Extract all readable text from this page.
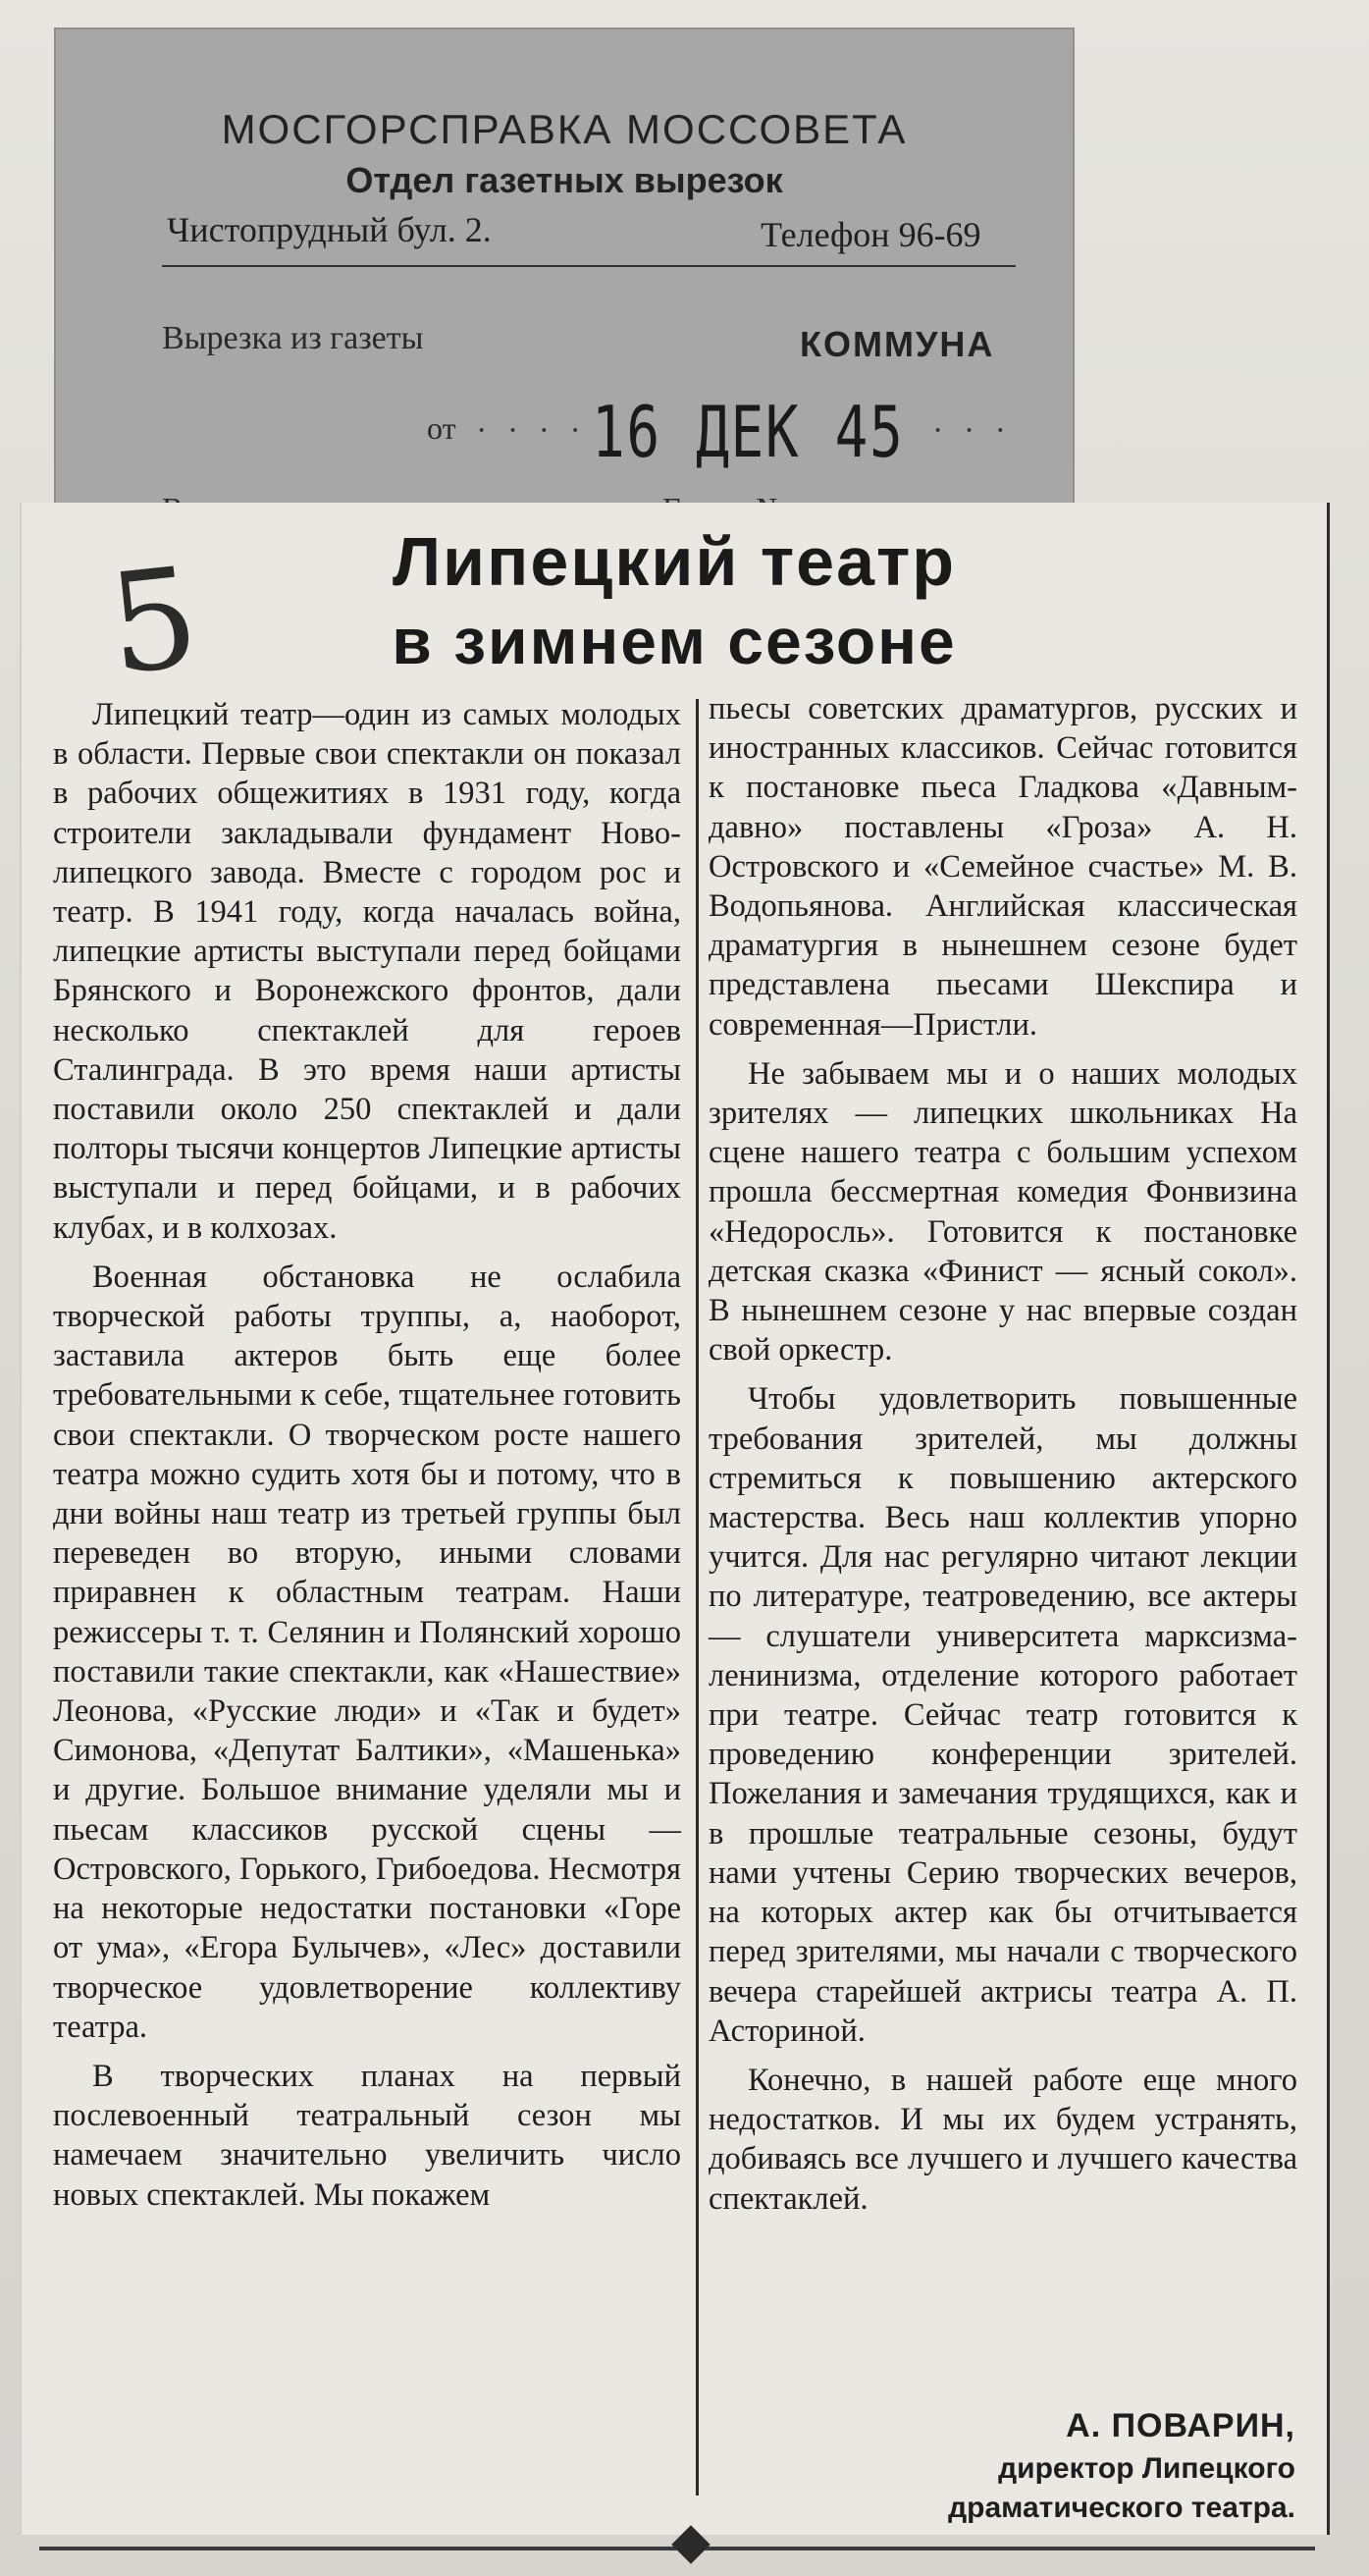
МОСГОРСПРАВКА МОССОВЕТА
Отдел газетных вырезок
Чистопрудный бул. 2.	Телефон 96-69
Вырезка из газеты	КОММУНА
от · · · · 16 ДЕК 45 · · ·
5	Липецкий театр
в зимнем сезоне

Липецкий театр—один из самых молодых в области. Первые свои спектакли он показал в рабочих общежитиях в 1931 году, когда строители закладывали фундамент Ново-липецкого завода. Вместе с городом рос и театр. В 1941 году, когда началась война, липецкие артисты выступали перед бойцами Брянского и Воронежского фронтов, дали несколько спектаклей для героев Сталинграда. В это время наши артисты поставили около 250 спектаклей и дали полторы тысячи концертов Липецкие артисты выступали и перед бойцами, и в рабочих клубах, и в колхозах.

Военная обстановка не ослабила творческой работы труппы, а, наоборот, заставила актеров быть еще более требовательными к себе, тщательнее готовить свои спектакли. О творческом росте нашего театра можно судить хотя бы и потому, что в дни войны наш театр из третьей группы был переведен во вторую, иными словами приравнен к областным театрам. Наши режиссеры т. т. Селянин и Полянский хорошо поставили такие спектакли, как «Нашествие» Леонова, «Русские люди» и «Так и будет» Симонова, «Депутат Балтики», «Машенька» и другие. Большое внимание уделяли мы и пьесам классиков русской сцены — Островского, Горького, Грибоедова. Несмотря на некоторые недостатки постановки «Горе от ума», «Егора Булычев», «Лес» доставили творческое удовлетворение коллективу театра.

В творческих планах на первый послевоенный театральный сезон мы намечаем значительно увеличить число новых спектаклей. Мы покажем

пьесы советских драматургов, русских и иностранных классиков. Сейчас готовится к постановке пьеса Гладкова «Давным-давно» поставлены «Гроза» А. Н. Островского и «Семейное счастье» М. В. Водопьянова. Английская классическая драматургия в нынешнем сезоне будет представлена пьесами Шекспира и современная—Пристли.

Не забываем мы и о наших молодых зрителях — липецких школьниках На сцене нашего театра с большим успехом прошла бессмертная комедия Фонвизина «Недоросль». Готовится к постановке детская сказка «Финист — ясный сокол». В нынешнем сезоне у нас впервые создан свой оркестр.

Чтобы удовлетворить повышенные требования зрителей, мы должны стремиться к повышению актерского мастерства. Весь наш коллектив упорно учится. Для нас регулярно читают лекции по литературе, театроведению, все актеры — слушатели университета марксизма-ленинизма, отделение которого работает при театре. Сейчас театр готовится к проведению конференции зрителей. Пожелания и замечания трудящихся, как и в прошлые театральные сезоны, будут нами учтены Серию творческих вечеров, на которых актер как бы отчитывается перед зрителями, мы начали с творческого вечера старейшей актрисы театра А. П. Асториной.

Конечно, в нашей работе еще много недостатков. И мы их будем устранять, добиваясь все лучшего и лучшего качества спектаклей.

А. ПОВАРИН,
директор Липецкого
драматического театра.
